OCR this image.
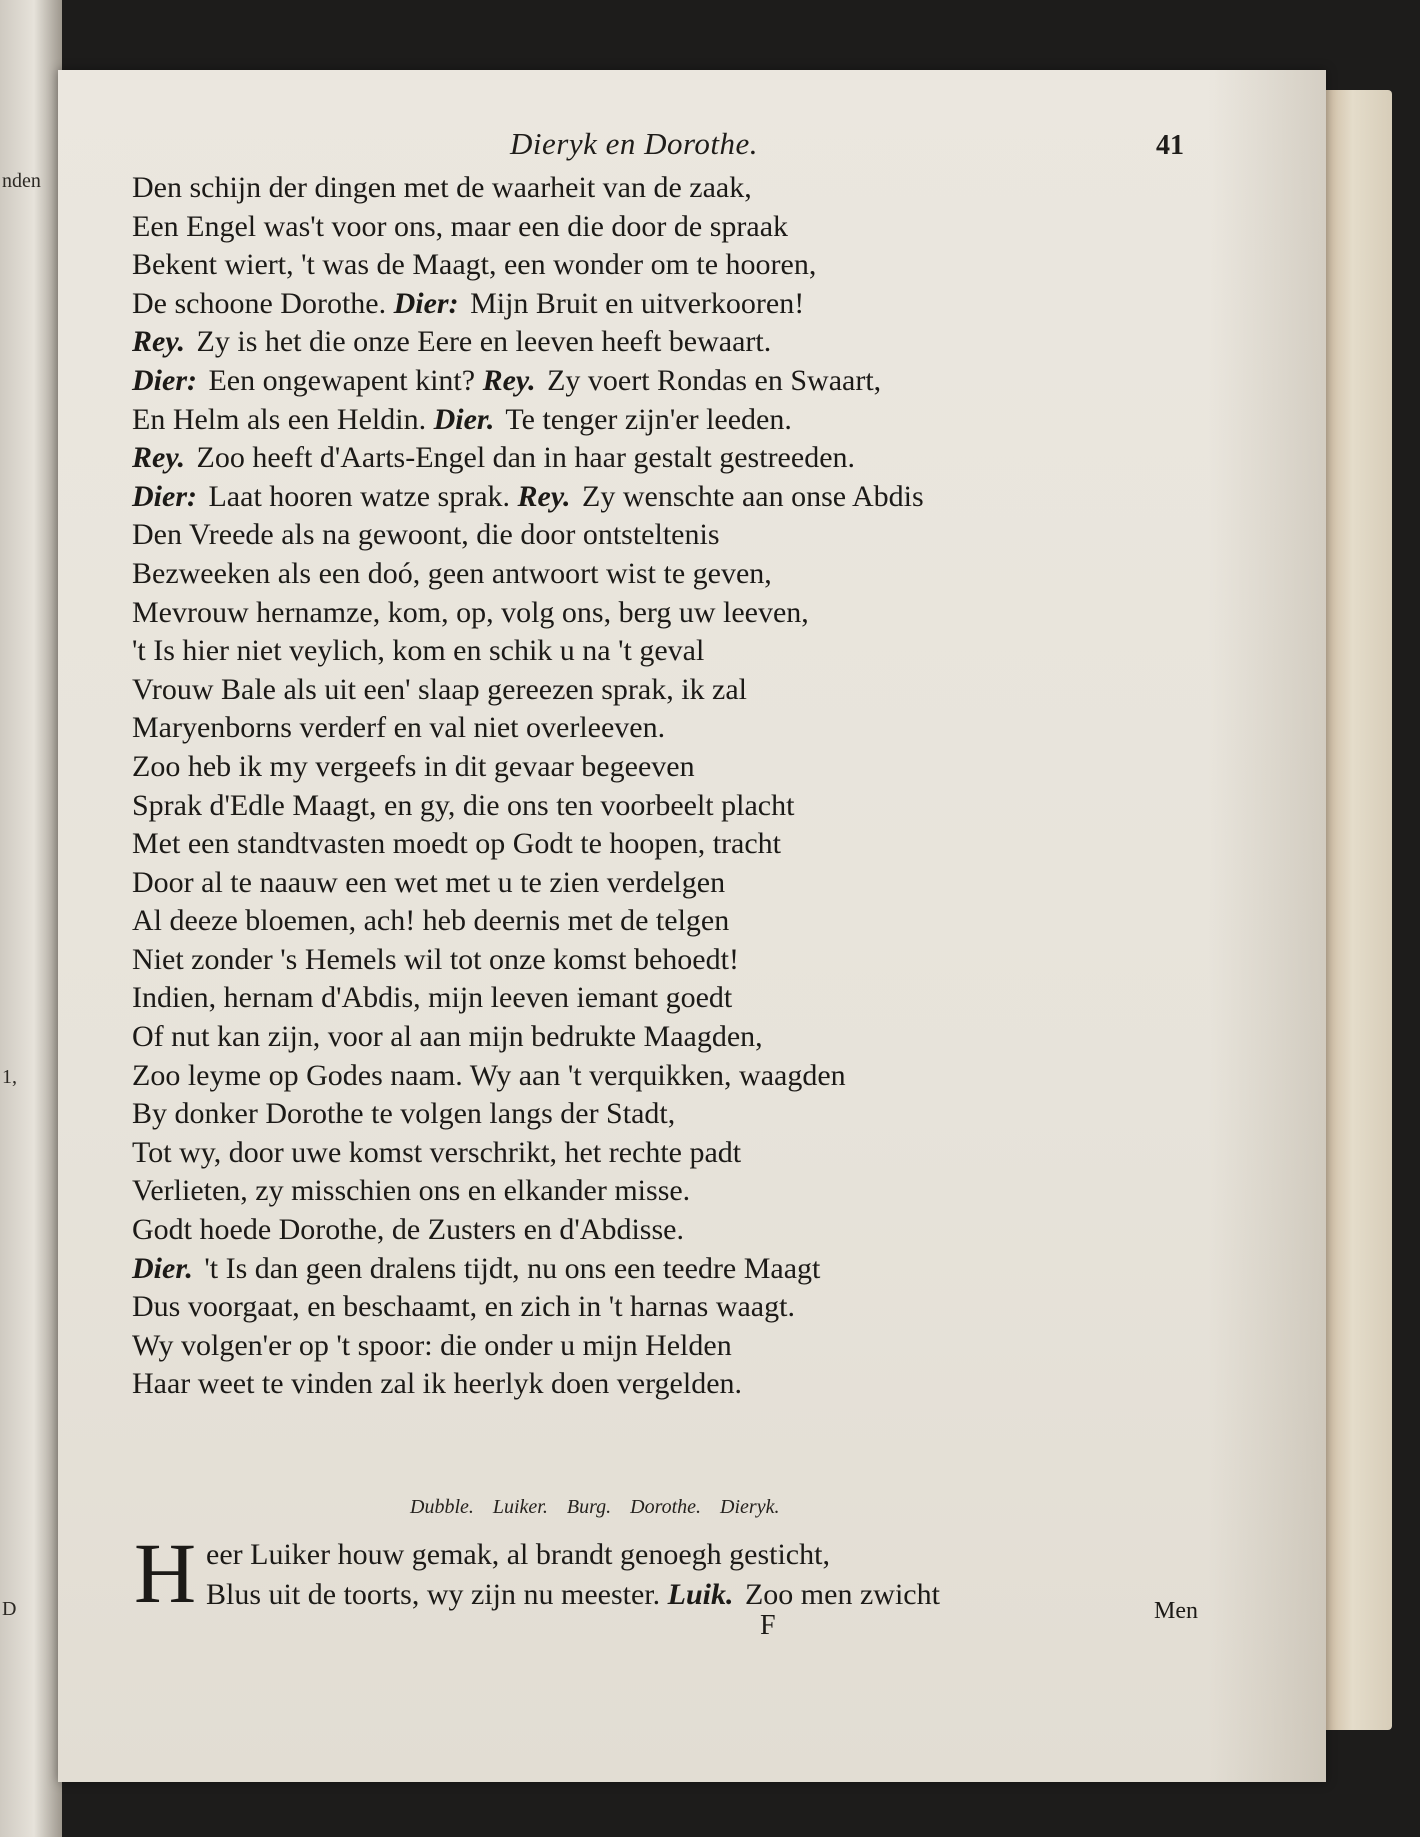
nden
1,
D
Dieryk en Dorothe.	41
Den schijn der dingen met de waarheit van de zaak,
Een Engel was't voor ons, maar een die door de spraak
Bekent wiert, 't was de Maagt, een wonder om te hooren,
De schoone Dorothe. Dier: Mijn Bruit en uitverkooren!
Rey. Zy is het die onze Eere en leeven heeft bewaart.
Dier: Een ongewapent kint? Rey. Zy voert Rondas en Swaart,
En Helm als een Heldin. Dier. Te tenger zijn'er leeden.
Rey. Zoo heeft d'Aarts-Engel dan in haar gestalt gestreeden.
Dier: Laat hooren watze sprak. Rey. Zy wenschte aan onse Abdis
Den Vreede als na gewoont, die door ontsteltenis
Bezweeken als een doó, geen antwoort wist te geven,
Mevrouw hernamze, kom, op, volg ons, berg uw leeven,
't Is hier niet veylich, kom en schik u na 't geval
Vrouw Bale als uit een' slaap gereezen sprak, ik zal
Maryenborns verderf en val niet overleeven.
Zoo heb ik my vergeefs in dit gevaar begeeven
Sprak d'Edle Maagt, en gy, die ons ten voorbeelt placht
Met een standtvasten moedt op Godt te hoopen, tracht
Door al te naauw een wet met u te zien verdelgen
Al deeze bloemen, ach! heb deernis met de telgen
Niet zonder 's Hemels wil tot onze komst behoedt!
Indien, hernam d'Abdis, mijn leeven iemant goedt
Of nut kan zijn, voor al aan mijn bedrukte Maagden,
Zoo leyme op Godes naam. Wy aan 't verquikken, waagden
By donker Dorothe te volgen langs der Stadt,
Tot wy, door uwe komst verschrikt, het rechte padt
Verlieten, zy misschien ons en elkander misse.
Godt hoede Dorothe, de Zusters en d'Abdisse.
Dier. 't Is dan geen dralens tijdt, nu ons een teedre Maagt
Dus voorgaat, en beschaamt, en zich in 't harnas waagt.
Wy volgen'er op 't spoor: die onder u mijn Helden
Haar weet te vinden zal ik heerlyk doen vergelden.
Dubble. Luiker. Burg. Dorothe. Dieryk.
H eer Luiker houw gemak, al brandt genoegh gesticht,
Blus uit de toorts, wy zijn nu meester. Luik. Zoo men zwicht
F	Men
